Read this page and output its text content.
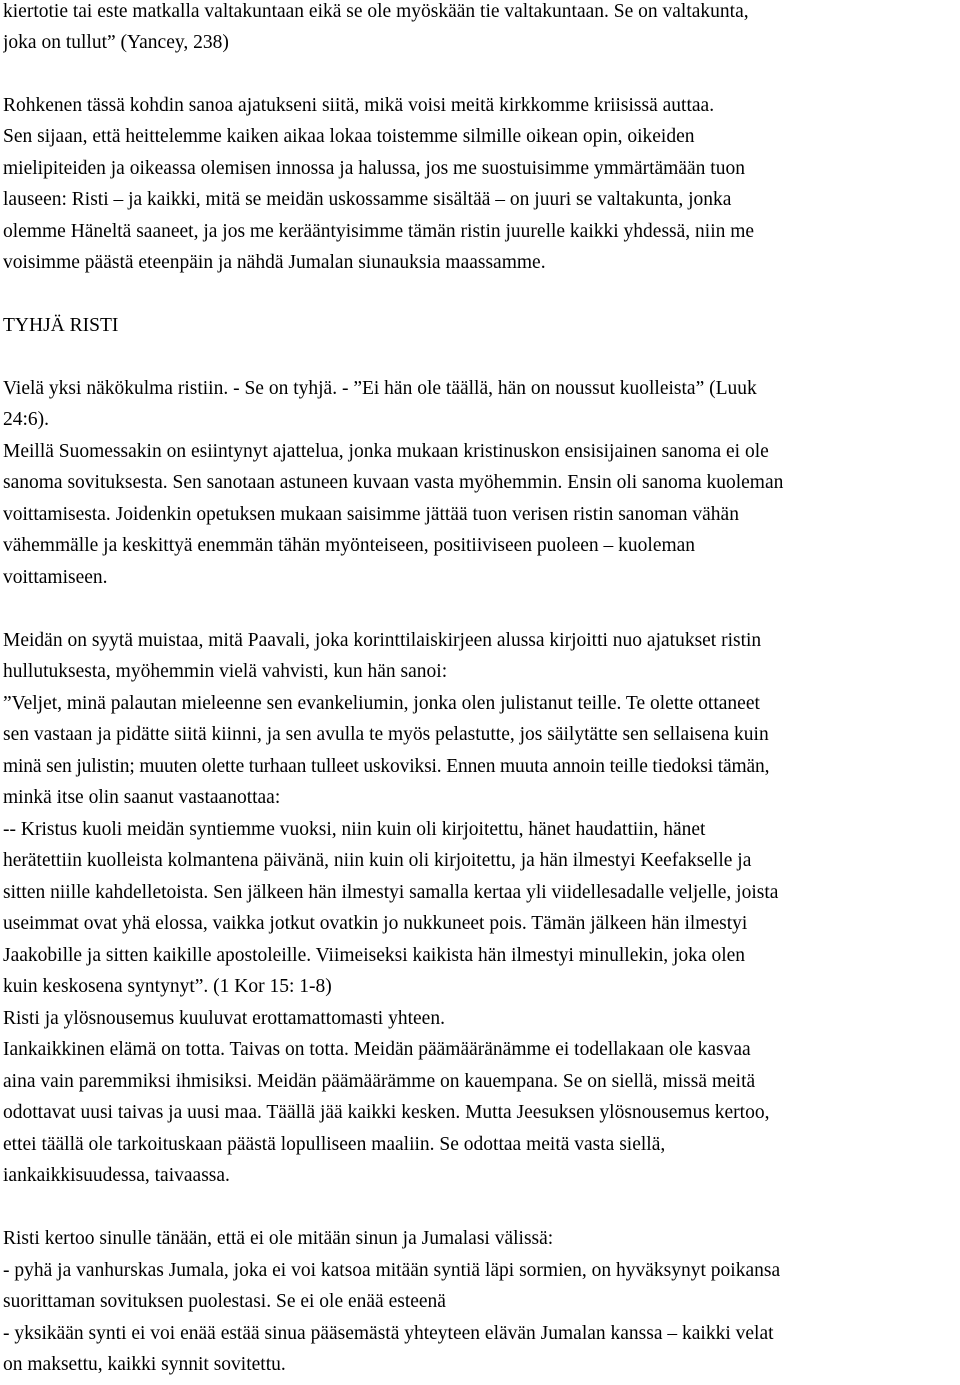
kiertotie tai este matkalla valtakuntaan eikä se ole myöskään tie valtakuntaan. Se on valtakunta,
joka on tullut” (Yancey, 238)
Rohkenen tässä kohdin sanoa ajatukseni siitä, mikä voisi meitä kirkkomme kriisissä auttaa.
Sen sijaan, että heittelemme kaiken aikaa lokaa toistemme silmille oikean opin, oikeiden
mielipiteiden ja oikeassa olemisen innossa ja halussa, jos me suostuisimme ymmärtämään tuon
lauseen: Risti – ja kaikki, mitä se meidän uskossamme sisältää – on juuri se valtakunta, jonka
olemme Häneltä saaneet, ja jos me kerääntyisimme tämän ristin juurelle kaikki yhdessä, niin me
voisimme päästä eteenpäin ja nähdä Jumalan siunauksia maassamme.
TYHJÄ RISTI
Vielä yksi näkökulma ristiin. - Se on tyhjä. - ”Ei hän ole täällä, hän on noussut kuolleista” (Luuk
24:6).
Meillä Suomessakin on esiintynyt ajattelua, jonka mukaan kristinuskon ensisijainen sanoma ei ole
sanoma sovituksesta. Sen sanotaan astuneen kuvaan vasta myöhemmin. Ensin oli sanoma kuoleman
voittamisesta. Joidenkin opetuksen mukaan saisimme jättää tuon verisen ristin sanoman vähän
vähemmälle ja keskittyä enemmän tähän myönteiseen, positiiviseen puoleen – kuoleman
voittamiseen.
Meidän on syytä muistaa, mitä Paavali, joka korinttilaiskirjeen alussa kirjoitti nuo ajatukset ristin
hullutuksesta, myöhemmin vielä vahvisti, kun hän sanoi:
”Veljet, minä palautan mieleenne sen evankeliumin, jonka olen julistanut teille. Te olette ottaneet
sen vastaan ja pidätte siitä kiinni, ja sen avulla te myös pelastutte, jos säilytätte sen sellaisena kuin
minä sen julistin; muuten olette turhaan tulleet uskoviksi. Ennen muuta annoin teille tiedoksi tämän,
minkä itse olin saanut vastaanottaa:
-- Kristus kuoli meidän syntiemme vuoksi, niin kuin oli kirjoitettu, hänet haudattiin, hänet
herätettiin kuolleista kolmantena päivänä, niin kuin oli kirjoitettu, ja hän ilmestyi Keefakselle ja
sitten niille kahdelletoista. Sen jälkeen hän ilmestyi samalla kertaa yli viidellesadalle veljelle, joista
useimmat ovat yhä elossa, vaikka jotkut ovatkin jo nukkuneet pois. Tämän jälkeen hän ilmestyi
Jaakobille ja sitten kaikille apostoleille. Viimeiseksi kaikista hän ilmestyi minullekin, joka olen
kuin keskosena syntynyt”. (1 Kor 15: 1-8)
Risti ja ylösnousemus kuuluvat erottamattomasti yhteen.
Iankaikkinen elämä on totta. Taivas on totta. Meidän päämääränämme ei todellakaan ole kasvaa
aina vain paremmiksi ihmisiksi. Meidän päämäärämme on kauempana. Se on siellä, missä meitä
odottavat uusi taivas ja uusi maa. Täällä jää kaikki kesken. Mutta Jeesuksen ylösnousemus kertoo,
ettei täällä ole tarkoituskaan päästä lopulliseen maaliin. Se odottaa meitä vasta siellä,
iankaikkisuudessa, taivaassa.
Risti kertoo sinulle tänään, että ei ole mitään sinun ja Jumalasi välissä:
- pyhä ja vanhurskas Jumala, joka ei voi katsoa mitään syntiä läpi sormien, on hyväksynyt poikansa
suorittaman sovituksen puolestasi. Se ei ole enää esteenä
- yksikään synti ei voi enää estää sinua pääsemästä yhteyteen elävän Jumalan kanssa – kaikki velat
on maksettu, kaikki synnit sovitettu.
